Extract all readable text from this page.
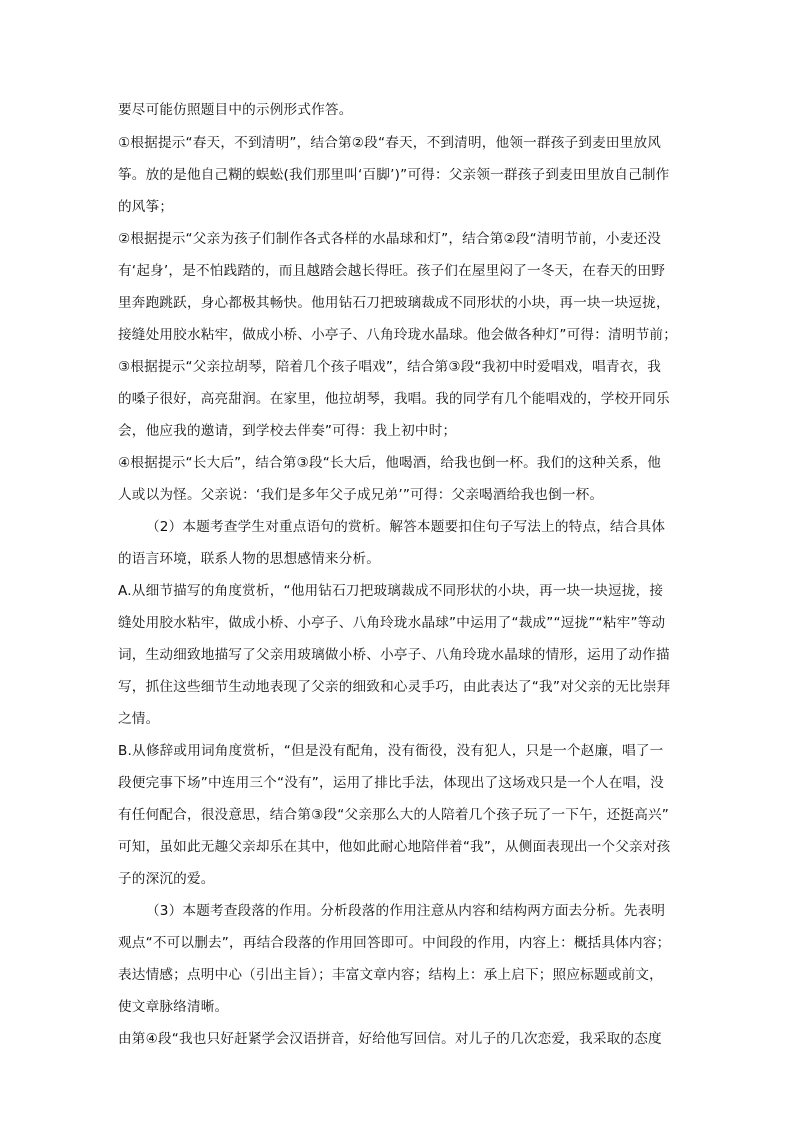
要尽可能仿照题目中的示例形式作答。
①根据提示“春天，不到清明”，结合第②段“春天，不到清明，他领一群孩子到麦田里放风
筝。放的是他自己糊的蜈蚣(我们那里叫‘百脚’)”可得：父亲领一群孩子到麦田里放自己制作
的风筝；
②根据提示“父亲为孩子们制作各式各样的水晶球和灯”，结合第②段“清明节前，小麦还没
有‘起身’，是不怕践踏的，而且越踏会越长得旺。孩子们在屋里闷了一冬天，在春天的田野
里奔跑跳跃，身心都极其畅快。他用钻石刀把玻璃裁成不同形状的小块，再一块一块逗拢，
接缝处用胶水粘牢，做成小桥、小亭子、八角玲珑水晶球。他会做各种灯”可得：清明节前；
③根据提示“父亲拉胡琴，陪着几个孩子唱戏”，结合第③段“我初中时爱唱戏，唱青衣，我
的嗓子很好，高亮甜润。在家里，他拉胡琴，我唱。我的同学有几个能唱戏的，学校开同乐
会，他应我的邀请，到学校去伴奏”可得：我上初中时；
④根据提示“长大后”，结合第③段“长大后，他喝酒，给我也倒一杯。我们的这种关系，他
人或以为怪。父亲说：‘我们是多年父子成兄弟’”可得：父亲喝酒给我也倒一杯。
（2）本题考查学生对重点语句的赏析。解答本题要扣住句子写法上的特点，结合具体
的语言环境，联系人物的思想感情来分析。
A.从细节描写的角度赏析，“他用钻石刀把玻璃裁成不同形状的小块，再一块一块逗拢，接
缝处用胶水粘牢，做成小桥、小亭子、八角玲珑水晶球”中运用了“裁成”“逗拢”“粘牢”等动
词，生动细致地描写了父亲用玻璃做小桥、小亭子、八角玲珑水晶球的情形，运用了动作描
写，抓住这些细节生动地表现了父亲的细致和心灵手巧，由此表达了“我”对父亲的无比崇拜
之情。
B.从修辞或用词角度赏析，“但是没有配角，没有衙役，没有犯人，只是一个赵廉，唱了一
段便完事下场”中连用三个“没有”，运用了排比手法，体现出了这场戏只是一个人在唱，没
有任何配合，很没意思，结合第③段“父亲那么大的人陪着几个孩子玩了一下午，还挺高兴”
可知，虽如此无趣父亲却乐在其中，他如此耐心地陪伴着“我”，从侧面表现出一个父亲对孩
子的深沉的爱。
（3）本题考查段落的作用。分析段落的作用注意从内容和结构两方面去分析。先表明
观点“不可以删去”，再结合段落的作用回答即可。中间段的作用，内容上：概括具体内容；
表达情感；点明中心（引出主旨）；丰富文章内容；结构上：承上启下；照应标题或前文，
使文章脉络清晰。
由第④段“我也只好赶紧学会汉语拼音，好给他写回信。对儿子的几次恋爱，我采取的态度
